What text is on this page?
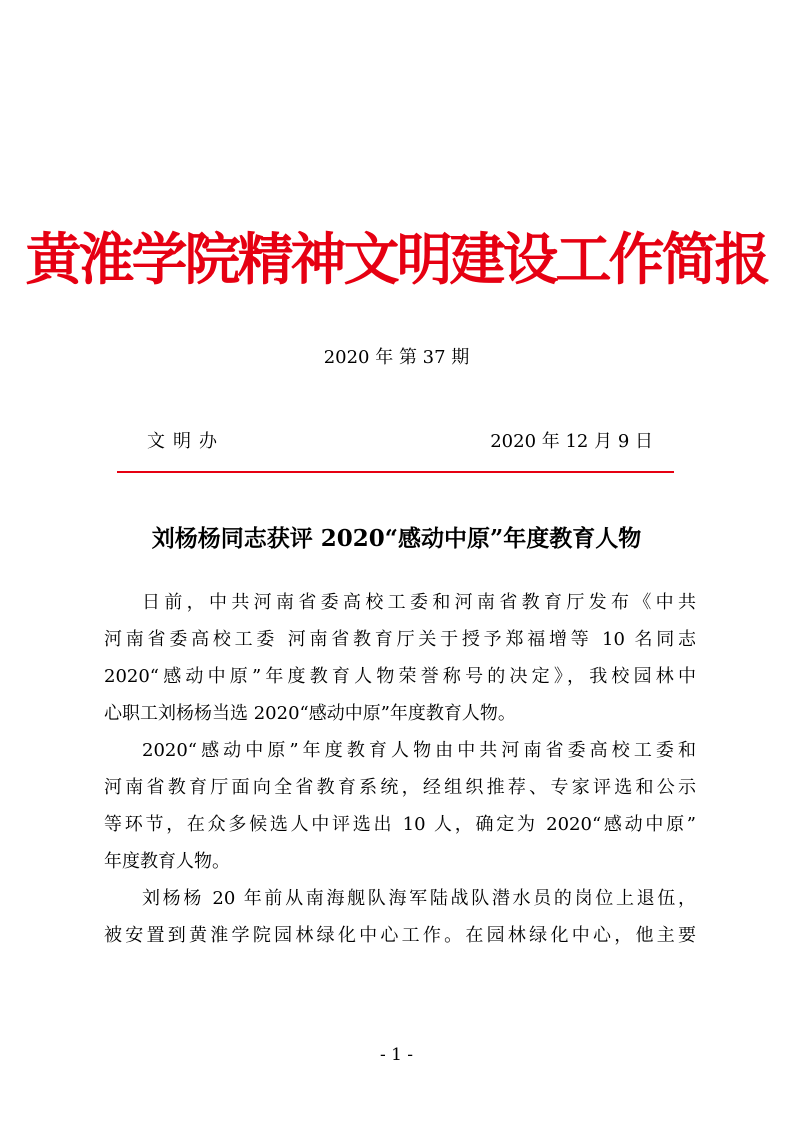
黄淮学院精神文明建设工作简报
2020 年 第 37 期
文明办	2020 年 12 月 9 日
刘杨杨同志获评 2020“感动中原”年度教育人物
日前，中共河南省委高校工委和河南省教育厅发布《中共
河南省委高校工委 河南省教育厅关于授予郑福增等 10 名同志
2020“感动中原”年度教育人物荣誉称号的决定》，我校园林中
心职工刘杨杨当选 2020“感动中原”年度教育人物。
2020“感动中原”年度教育人物由中共河南省委高校工委和
河南省教育厅面向全省教育系统，经组织推荐、专家评选和公示
等环节，在众多候选人中评选出 10 人，确定为 2020“感动中原”
年度教育人物。
刘杨杨 20 年前从南海舰队海军陆战队潜水员的岗位上退伍，
被安置到黄淮学院园林绿化中心工作。在园林绿化中心，他主要
- 1 -
